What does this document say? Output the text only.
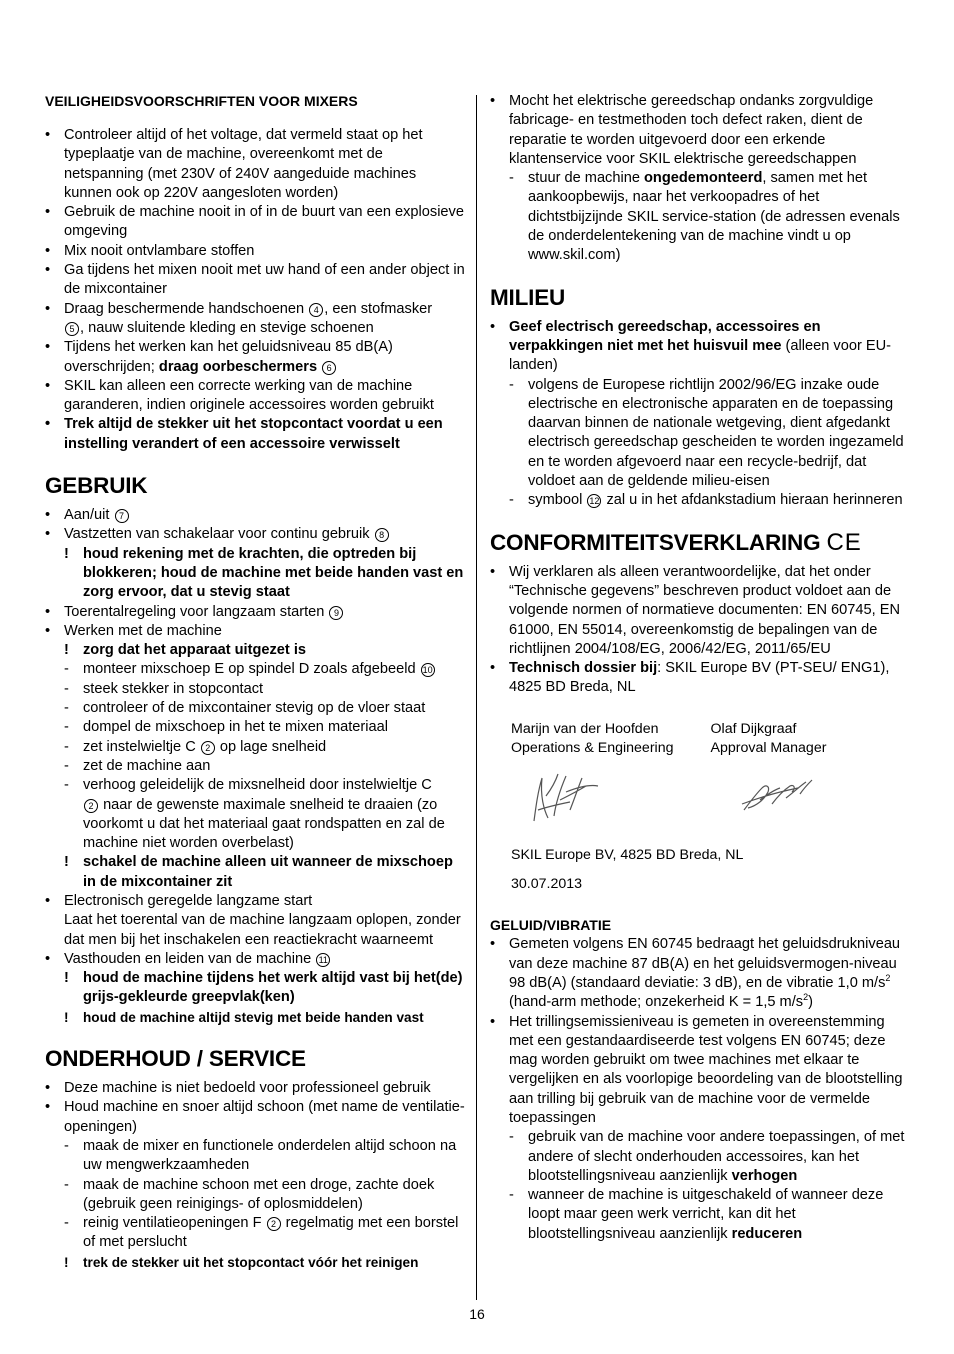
VEILIGHEIDSVOORSCHRIFTEN VOOR MIXERS
• Controleer altijd of het voltage, dat vermeld staat op het typeplaatje van de machine, overeenkomt met de netspanning (met 230V of 240V aangeduide machines kunnen ook op 220V aangesloten worden)
• Gebruik de machine nooit in of in de buurt van een explosieve omgeving
• Mix nooit ontvlambare stoffen
• Ga tijdens het mixen nooit met uw hand of een ander object in de mixcontainer
• Draag beschermende handschoenen 4 , een stofmasker
5 , nauw sluitende kleding en stevige schoenen
• Tijdens het werken kan het geluidsniveau 85 dB(A) overschrijden; draag oorbeschermers 6
• SKIL kan alleen een correcte werking van de machine garanderen, indien originele accessoires worden gebruikt
• Trek altijd de stekker uit het stopcontact voordat u een instelling verandert of een accessoire verwisselt
GEBRUIK
• Aan/uit 7
• Vastzetten van schakelaar voor continu gebruik 8
! houd rekening met de krachten, die optreden bij blokkeren; houd de machine met beide handen vast en zorg ervoor, dat u stevig staat
• Toerentalregeling voor langzaam starten 9
• Werken met de machine
! zorg dat het apparaat uitgezet is
- monteer mixschoep E op spindel D zoals afgebeeld 10
- steek stekker in stopcontact
- controleer of de mixcontainer stevig op de vloer staat
- dompel de mixschoep in het te mixen materiaal
- zet instelwieltje C 2 op lage snelheid
- zet de machine aan
- verhoog geleidelijk de mixsnelheid door instelwieltje C
2 naar de gewenste maximale snelheid te draaien (zo voorkomt u dat het materiaal gaat rondspatten en zal de machine niet worden overbelast)
! schakel de machine alleen uit wanneer de mixschoep in de mixcontainer zit
• Electronisch geregelde langzame start
Laat het toerental van de machine langzaam oplopen, zonder dat men bij het inschakelen een reactiekracht waarneemt
• Vasthouden en leiden van de machine 11
! houd de machine tijdens het werk altijd vast bij het(de) grijs-gekleurde greepvlak(ken)
! houd de machine altijd stevig met beide handen vast
ONDERHOUD / SERVICE
• Deze machine is niet bedoeld voor professioneel gebruik
• Houd machine en snoer altijd schoon (met name de ventilatie-openingen)
- maak de mixer en functionele onderdelen altijd schoon na uw mengwerkzaamheden
- maak de machine schoon met een droge, zachte doek (gebruik geen reinigings- of oplosmiddelen)
- reinig ventilatieopeningen F 2 regelmatig met een borstel of met perslucht
! trek de stekker uit het stopcontact vóór het reinigen
• Mocht het elektrische gereedschap ondanks zorgvuldige fabricage- en testmethoden toch defect raken, dient de reparatie te worden uitgevoerd door een erkende klantenservice voor SKIL elektrische gereedschappen
- stuur de machine ongedemonteerd, samen met het aankoopbewijs, naar het verkoopadres of het dichtstbijzijnde SKIL service-station (de adressen evenals de onderdelentekening van de machine vindt u op www.skil.com)
MILIEU
• Geef electrisch gereedschap, accessoires en verpakkingen niet met het huisvuil mee (alleen voor EU-landen)
- volgens de Europese richtlijn 2002/96/EG inzake oude electrische en electronische apparaten en de toepassing daarvan binnen de nationale wetgeving, dient afgedankt electrisch gereedschap gescheiden te worden ingezameld en te worden afgevoerd naar een recycle-bedrijf, dat voldoet aan de geldende milieu-eisen
- symbool 12 zal u in het afdankstadium hieraan herinneren
CONFORMITEITSVERKLARING CE
• Wij verklaren als alleen verantwoordelijke, dat het onder “Technische gegevens” beschreven product voldoet aan de volgende normen of normatieve documenten: EN 60745, EN 61000, EN 55014, overeenkomstig de bepalingen van de richtlijnen 2004/108/EG, 2006/42/EG, 2011/65/EU
• Technisch dossier bij: SKIL Europe BV (PT-SEU/ ENG1), 4825 BD Breda, NL
Marijn van der Hoofden
Operations & Engineering
Olaf Dijkgraaf
Approval Manager
SKIL Europe BV, 4825 BD Breda, NL
30.07.2013
GELUID/VIBRATIE
• Gemeten volgens EN 60745 bedraagt het geluidsdrukniveau van deze machine 87 dB(A) en het geluidsvermogen-niveau 98 dB(A) (standaard deviatie: 3 dB), en de vibratie 1,0 $m/s^2$ (hand-arm methode; onzekerheid K = 1,5 $m/s^2$)
• Het trillingsemissieniveau is gemeten in overeenstemming met een gestandaardiseerde test volgens EN 60745; deze mag worden gebruikt om twee machines met elkaar te vergelijken en als voorlopige beoordeling van de blootstelling aan trilling bij gebruik van de machine voor de vermelde toepassingen
- gebruik van de machine voor andere toepassingen, of met andere of slecht onderhouden accessoires, kan het blootstellingsniveau aanzienlijk verhogen
- wanneer de machine is uitgeschakeld of wanneer deze loopt maar geen werk verricht, kan dit het blootstellingsniveau aanzienlijk reduceren
16
